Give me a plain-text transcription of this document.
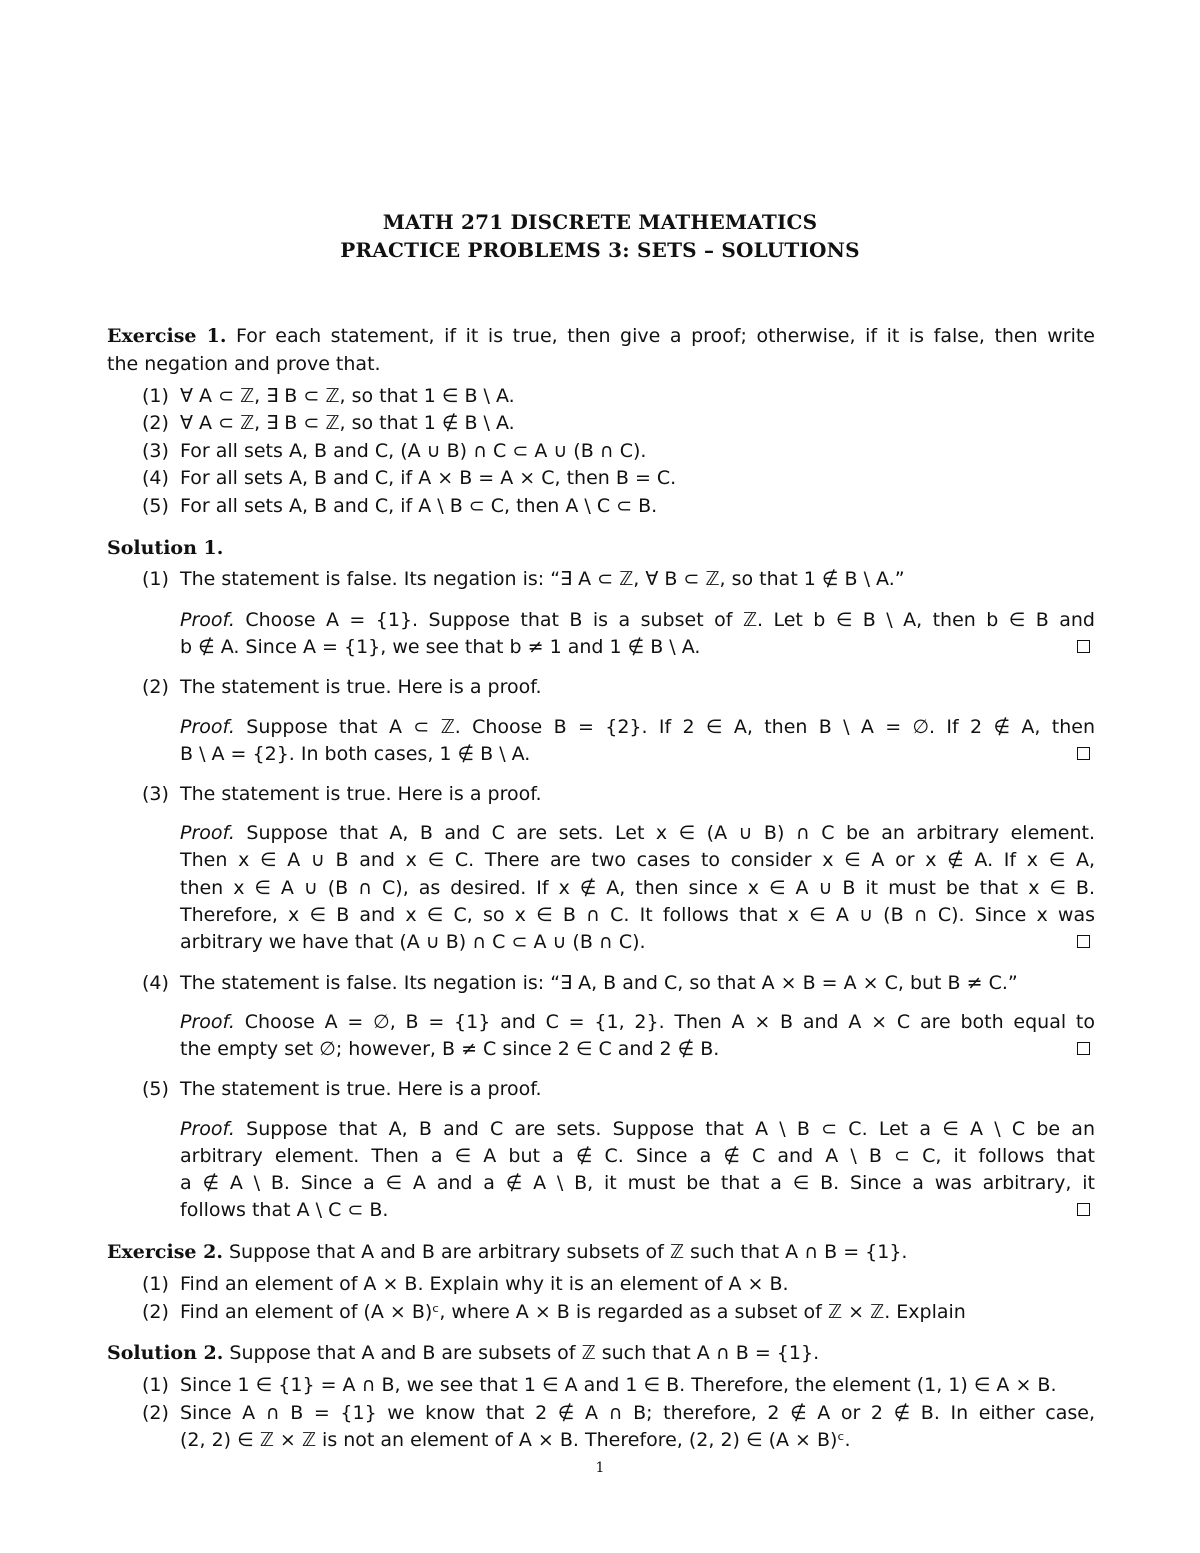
MATH 271 DISCRETE MATHEMATICS
PRACTICE PROBLEMS 3: SETS – SOLUTIONS
Exercise 1. For each statement, if it is true, then give a proof; otherwise, if it is false, then write
the negation and prove that.
(1) ∀ A ⊂ ℤ, ∃ B ⊂ ℤ, so that 1 ∈ B \ A.
(2) ∀ A ⊂ ℤ, ∃ B ⊂ ℤ, so that 1 ∉ B \ A.
(3) For all sets A, B and C, (A ∪ B) ∩ C ⊂ A ∪ (B ∩ C).
(4) For all sets A, B and C, if A × B = A × C, then B = C.
(5) For all sets A, B and C, if A \ B ⊂ C, then A \ C ⊂ B.
Solution 1.
(1) The statement is false. Its negation is: “∃ A ⊂ ℤ, ∀ B ⊂ ℤ, so that 1 ∉ B \ A.”
Proof. Choose A = {1}. Suppose that B is a subset of ℤ. Let b ∈ B \ A, then b ∈ B and
b ∉ A. Since A = {1}, we see that b ≠ 1 and 1 ∉ B \ A.
(2) The statement is true. Here is a proof.
Proof. Suppose that A ⊂ ℤ. Choose B = {2}. If 2 ∈ A, then B \ A = ∅. If 2 ∉ A, then
B \ A = {2}. In both cases, 1 ∉ B \ A.
(3) The statement is true. Here is a proof.
Proof. Suppose that A, B and C are sets. Let x ∈ (A ∪ B) ∩ C be an arbitrary element.
Then x ∈ A ∪ B and x ∈ C. There are two cases to consider x ∈ A or x ∉ A. If x ∈ A,
then x ∈ A ∪ (B ∩ C), as desired. If x ∉ A, then since x ∈ A ∪ B it must be that x ∈ B.
Therefore, x ∈ B and x ∈ C, so x ∈ B ∩ C. It follows that x ∈ A ∪ (B ∩ C). Since x was
arbitrary we have that (A ∪ B) ∩ C ⊂ A ∪ (B ∩ C).
(4) The statement is false. Its negation is: “∃ A, B and C, so that A × B = A × C, but B ≠ C.”
Proof. Choose A = ∅, B = {1} and C = {1, 2}. Then A × B and A × C are both equal to
the empty set ∅; however, B ≠ C since 2 ∈ C and 2 ∉ B.
(5) The statement is true. Here is a proof.
Proof. Suppose that A, B and C are sets. Suppose that A \ B ⊂ C. Let a ∈ A \ C be an
arbitrary element. Then a ∈ A but a ∉ C. Since a ∉ C and A \ B ⊂ C, it follows that
a ∉ A \ B. Since a ∈ A and a ∉ A \ B, it must be that a ∈ B. Since a was arbitrary, it
follows that A \ C ⊂ B.
Exercise 2. Suppose that A and B are arbitrary subsets of ℤ such that A ∩ B = {1}.
(1) Find an element of A × B. Explain why it is an element of A × B.
(2) Find an element of (A × B)ᶜ, where A × B is regarded as a subset of ℤ × ℤ. Explain
Solution 2. Suppose that A and B are subsets of ℤ such that A ∩ B = {1}.
(1) Since 1 ∈ {1} = A ∩ B, we see that 1 ∈ A and 1 ∈ B. Therefore, the element (1, 1) ∈ A × B.
(2) Since A ∩ B = {1} we know that 2 ∉ A ∩ B; therefore, 2 ∉ A or 2 ∉ B. In either case,
(2, 2) ∈ ℤ × ℤ is not an element of A × B. Therefore, (2, 2) ∈ (A × B)ᶜ.
1
